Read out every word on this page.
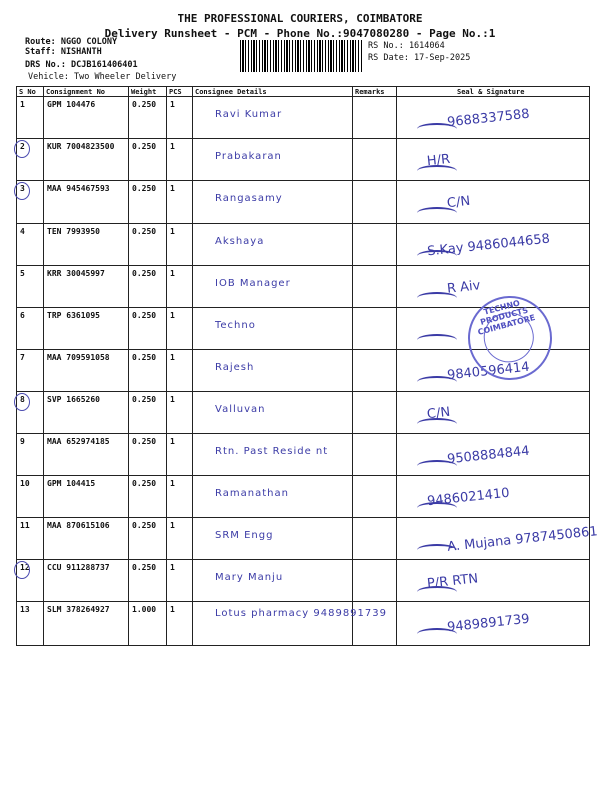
THE PROFESSIONAL COURIERS, COIMBATORE
Delivery Runsheet - PCM - Phone No.:9047080280 - Page No.:1
Route: NGGO COLONY
Staff: NISHANTH
DRS No.: DCJB161406401
Vehicle: Two Wheeler Delivery
RS No.: 1614064
RS Date: 17-Sep-2025
S No	Consignment No	Weight	PCS	Consignee Details	Remarks	Seal & Signature
1	GPM 104476	0.250	1	Ravi Kumar		9688337588

2	KUR 7004823500	0.250	1	Prabakaran		H/R

3	MAA 945467593	0.250	1	Rangasamy		C/N

4	TEN 7993950	0.250	1	Akshaya		S.Kay 9486044658

5	KRR 30045997	0.250	1	IOB Manager		R Aiv

6	TRP 6361095	0.250	1	Techno		

7	MAA 709591058	0.250	1	Rajesh		9840596414

8	SVP 1665260	0.250	1	Valluvan		C/N

9	MAA 652974185	0.250	1	Rtn. Past Reside nt		9508884844

10	GPM 104415	0.250	1	Ramanathan		9486021410

11	MAA 870615106	0.250	1	SRM Engg		A. Mujana 9787450861

12	CCU 911288737	0.250	1	Mary Manju		P/R RTN

13	SLM 378264927	1.000	1	Lotus pharmacy 9489891739		9489891739
TECHNO PRODUCTS COIMBATORE
